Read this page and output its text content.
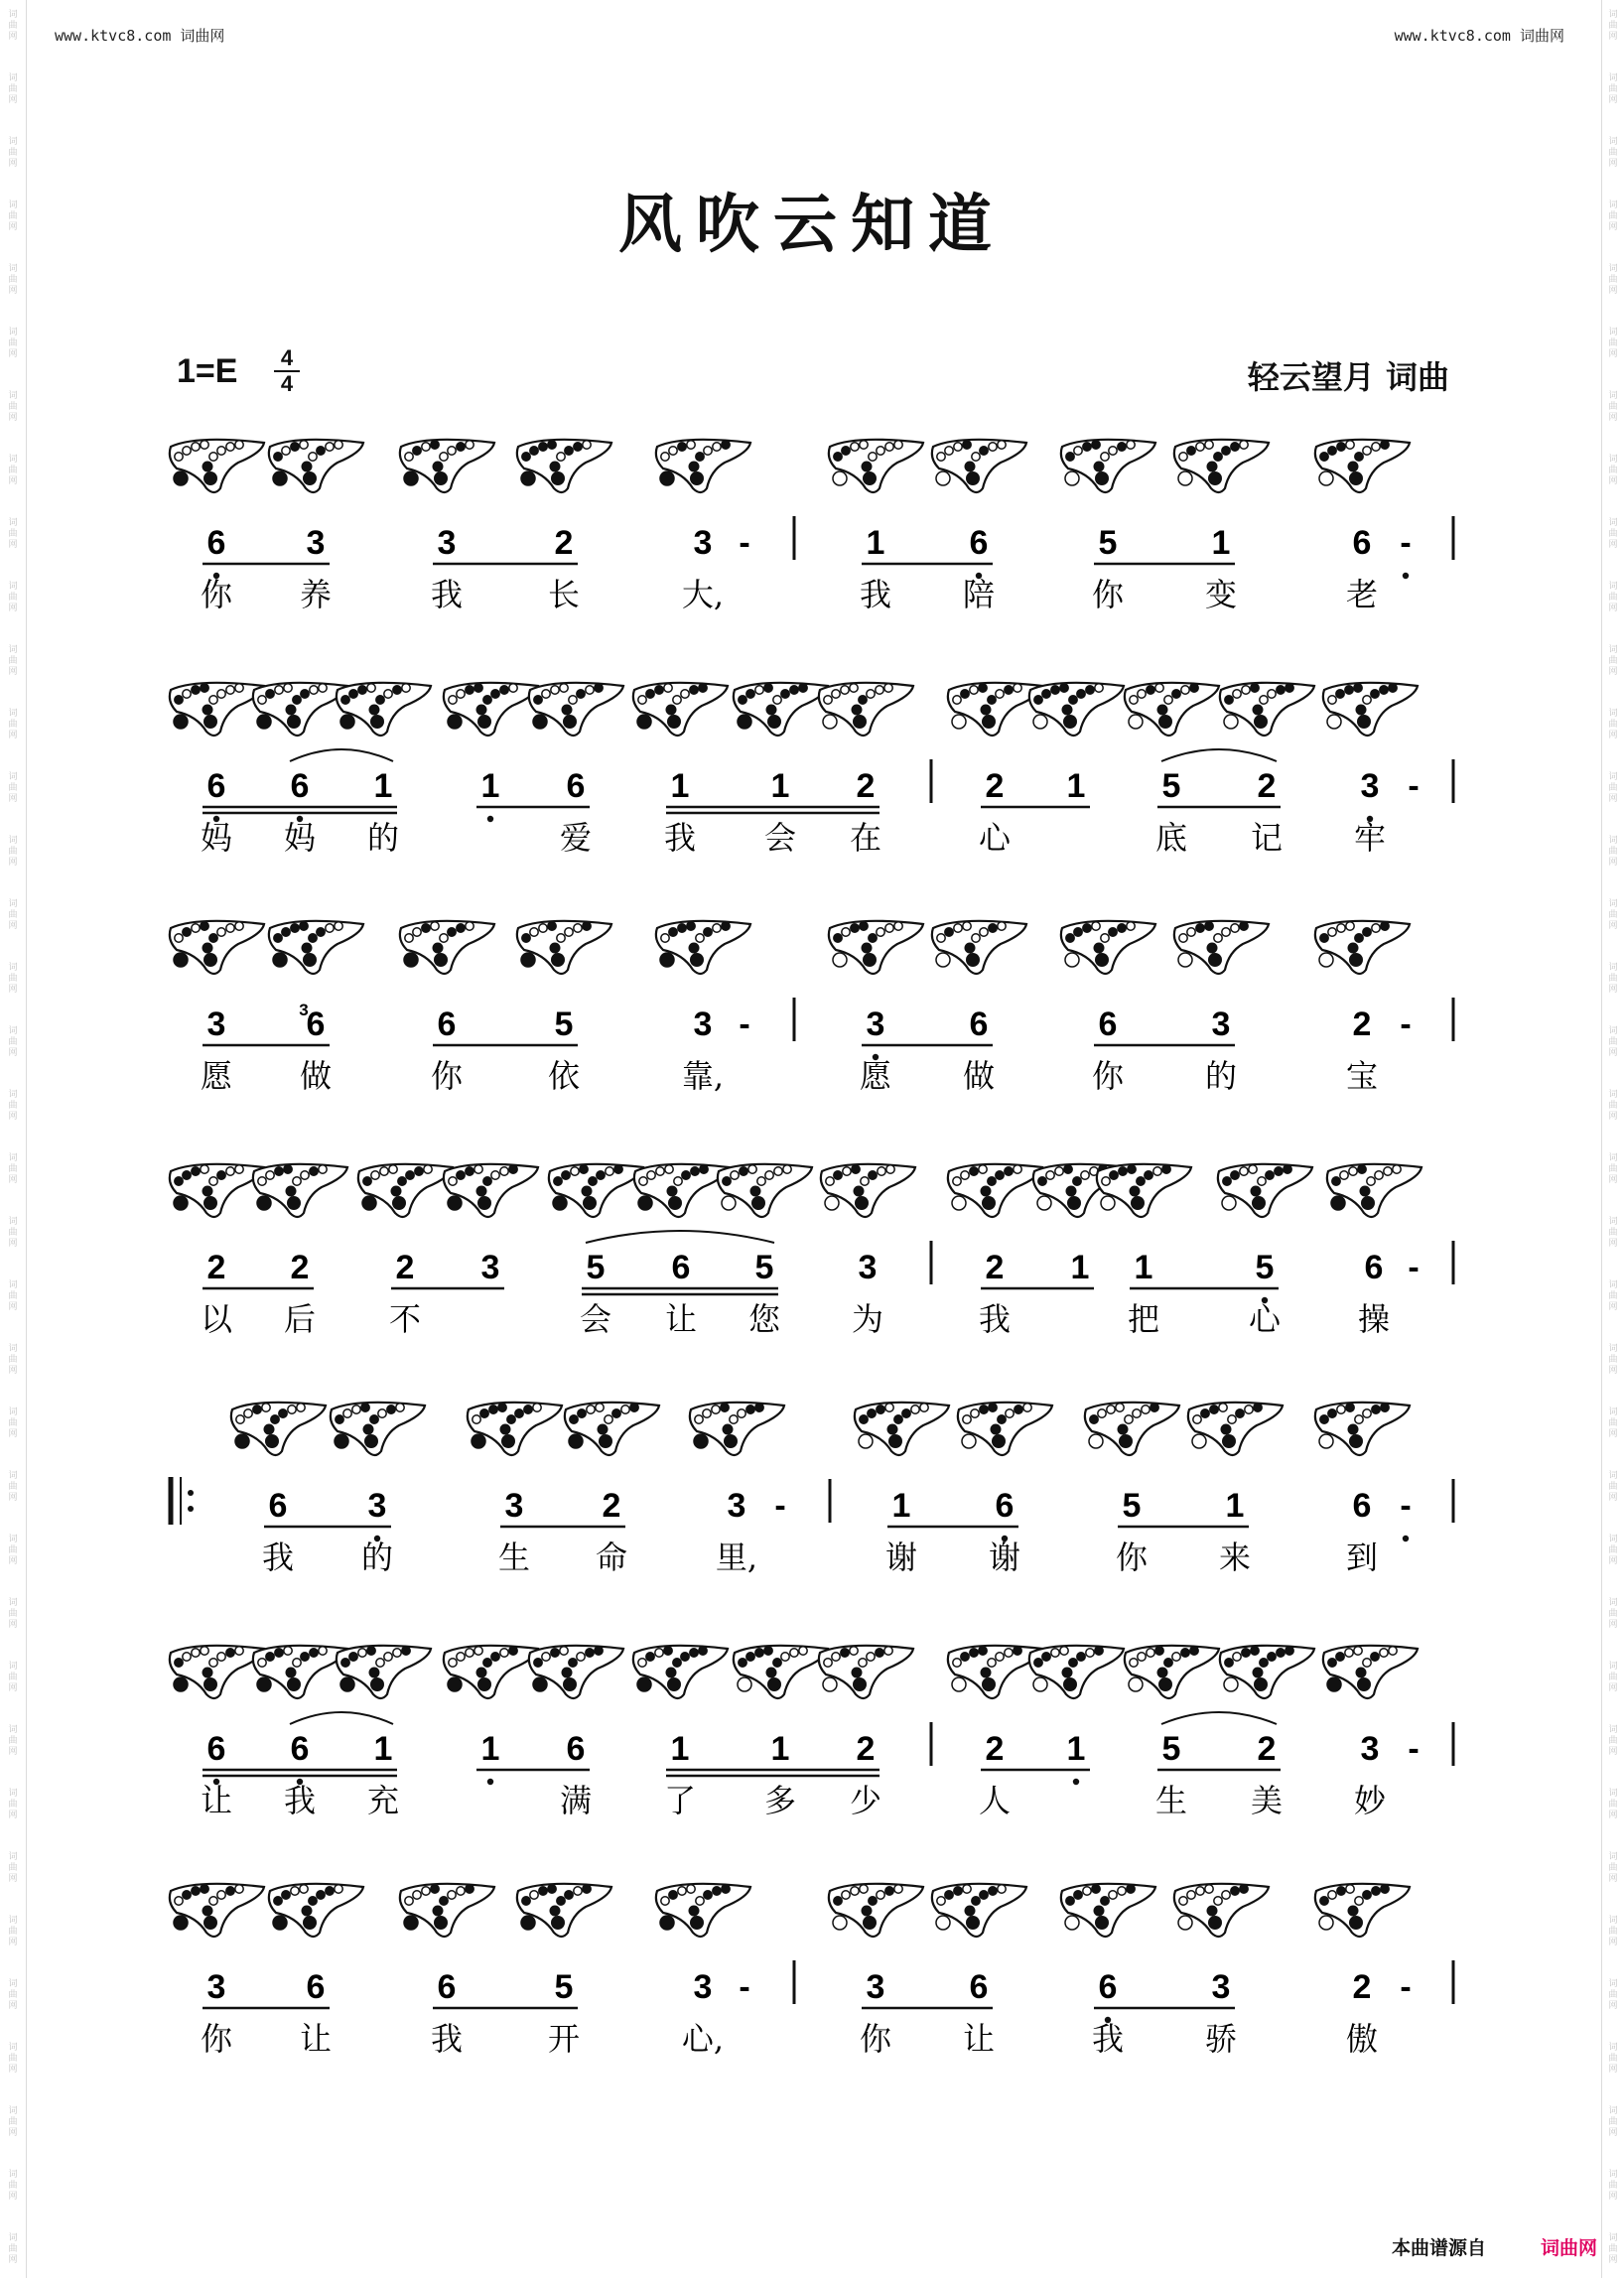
词
曲
网
词
曲
网
词
曲
网
词
曲
网
词
曲
网
词
曲
网
词
曲
网
词
曲
网
词
曲
网
词
曲
网
词
曲
网
词
曲
网
词
曲
网
词
曲
网
词
曲
网
词
曲
网
词
曲
网
词
曲
网
词
曲
网
词
曲
网
词
曲
网
词
曲
网
词
曲
网
词
曲
网
词
曲
网
词
曲
网
词
曲
网
词
曲
网
词
曲
网
词
曲
网
词
曲
网
词
曲
网
词
曲
网
词
曲
网
词
曲
网
词
曲
网
词
曲
网
词
曲
网
词
曲
网
词
曲
网
词
曲
网
词
曲
网
词
曲
网
词
曲
网
词
曲
网
词
曲
网
词
曲
网
词
曲
网
词
曲
网
词
曲
网
词
曲
网
词
曲
网
词
曲
网
词
曲
网
词
曲
网
词
曲
网
词
曲
网
词
曲
网
词
曲
网
词
曲
网
词
曲
网
词
曲
网
词
曲
网
词
曲
网
词
曲
网
词
曲
网
词
曲
网
词
曲
网
词
曲
网
词
曲
网
词
曲
网
词
曲
网
www.ktvc8.com 词曲网	www.ktvc8.com 词曲网
风吹云知道
1=E	4
4	轻云望月 词曲
6 3	3	2	3 -	1	6	5	1	6 -
你 养	我	长	大,	我 陪	你	变	老
6 6 1	1 6	1 1 2	2 1 5 2	3 -
妈 妈 的	爱 我 会 在	心	底 记 牢
3 6	6	5	3 -	3	6	6	3	2 -
3
愿 做	你	依	靠,	愿 做	你	的	宝
2 2	2 3	5 6 5	3	2 1 1	5	6 -
以 后 不	会 让 您 为	我	把	心 操
6 3	3 2	3 -	1	6	5	1	6 -
我 的	生 命	里,	谢 谢	你 来	到
6 6 1	1 6	1 1 2	2 1 5 2	3 -
让 我 充	满 了 多 少	人	生 美 妙
3 6	6	5	3 -	3	6	6	3	2 -
你 让	我	开	心,	你 让	我	骄	傲
本曲谱源自	词曲网
